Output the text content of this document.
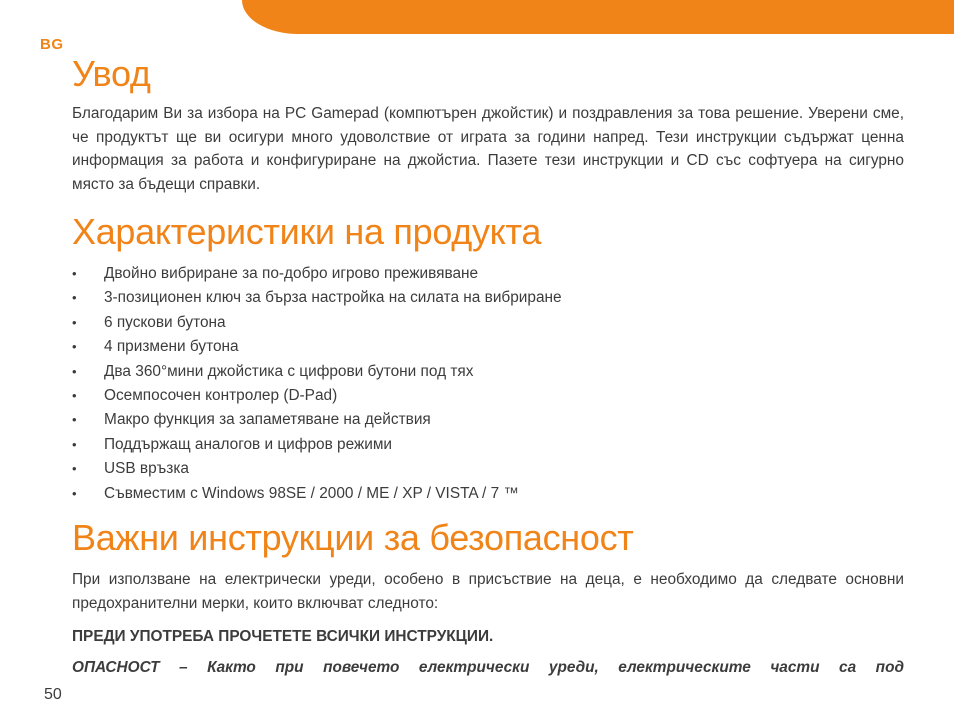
BG
Увод

Благодарим Ви за избора на PC Gamepad (компютърен джойстик) и поздравления за това решение. Уверени сме, че продуктът ще ви осигури много удоволствие от играта за години напред. Тези инструкции съдържат ценна информация за работа и конфигуриране на джойстиа. Пазете тези инструкции и CD със софтуера на сигурно място за бъдещи справки.

Характеристики на продукта
• Двойно вибриране за по-добро игрово преживяване
• 3-позиционен ключ за бърза настройка на силата на вибриране
• 6 пускови бутона
• 4 призмени бутона
• Два 360°мини джойстика с цифрови бутони под тях
• Осемпосочен контролер (D-Pad)
• Макро функция за запаметяване на действия
• Поддържащ аналогов и цифров режими
• USB връзка
• Съвместим с Windows 98SE / 2000 / ME / XP / VISTA / 7 ™
Важни инструкции за безопасност

При използване на електрически уреди, особено в присъствие на деца, е необходимо да следвате основни предохранителни мерки, които включват следното:

ПРЕДИ УПОТРЕБА ПРОЧЕТЕТЕ ВСИЧКИ ИНСТРУКЦИИ.

ОПАСНОСТ – Както при повечето електрически уреди, електрическите части са под

50
